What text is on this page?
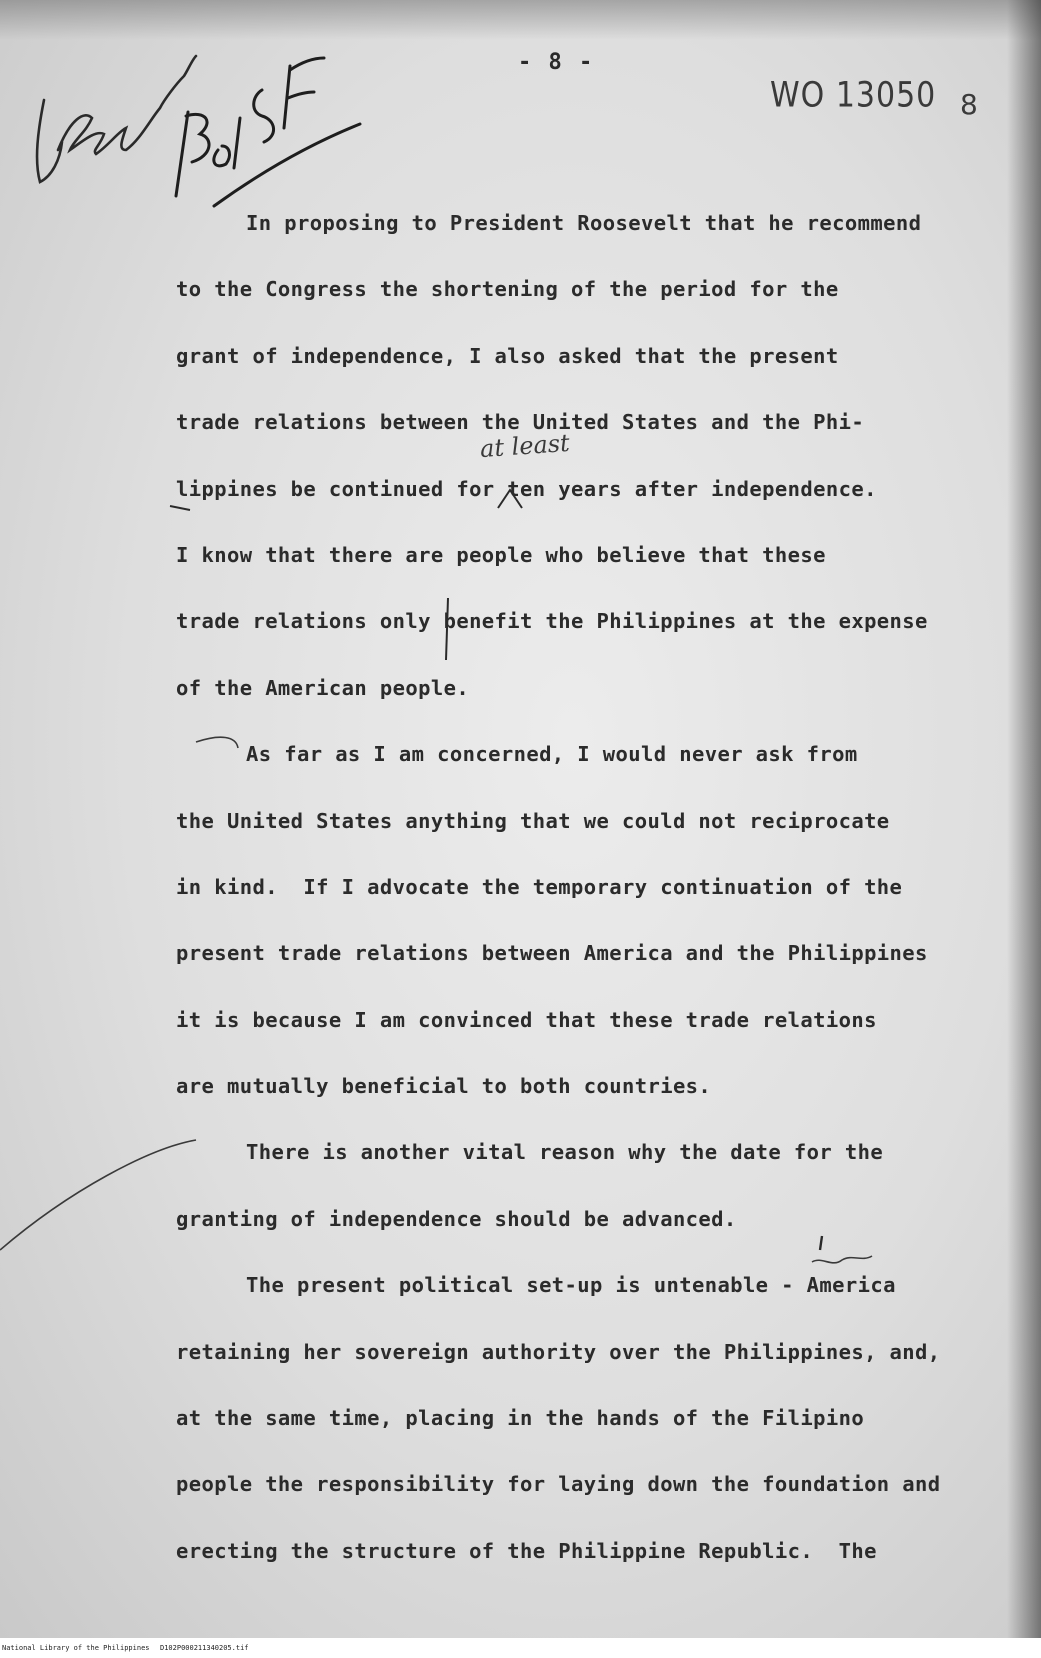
- 8 -
WO 13050 8
at least
In proposing to President Roosevelt that he recommend
to the Congress the shortening of the period for the
grant of independence, I also asked that the present
trade relations between the United States and the Phi-
lippines be continued for ten years after independence.
I know that there are people who believe that these
trade relations only benefit the Philippines at the expense
of the American people.
As far as I am concerned, I would never ask from
the United States anything that we could not reciprocate
in kind.  If I advocate the temporary continuation of the
present trade relations between America and the Philippines
it is because I am convinced that these trade relations
are mutually beneficial to both countries.
There is another vital reason why the date for the
granting of independence should be advanced.
The present political set-up is untenable - America
retaining her sovereign authority over the Philippines, and,
at the same time, placing in the hands of the Filipino
people the responsibility for laying down the foundation and
erecting the structure of the Philippine Republic.  The
National Library of the Philippines D102P000211340205.tif
